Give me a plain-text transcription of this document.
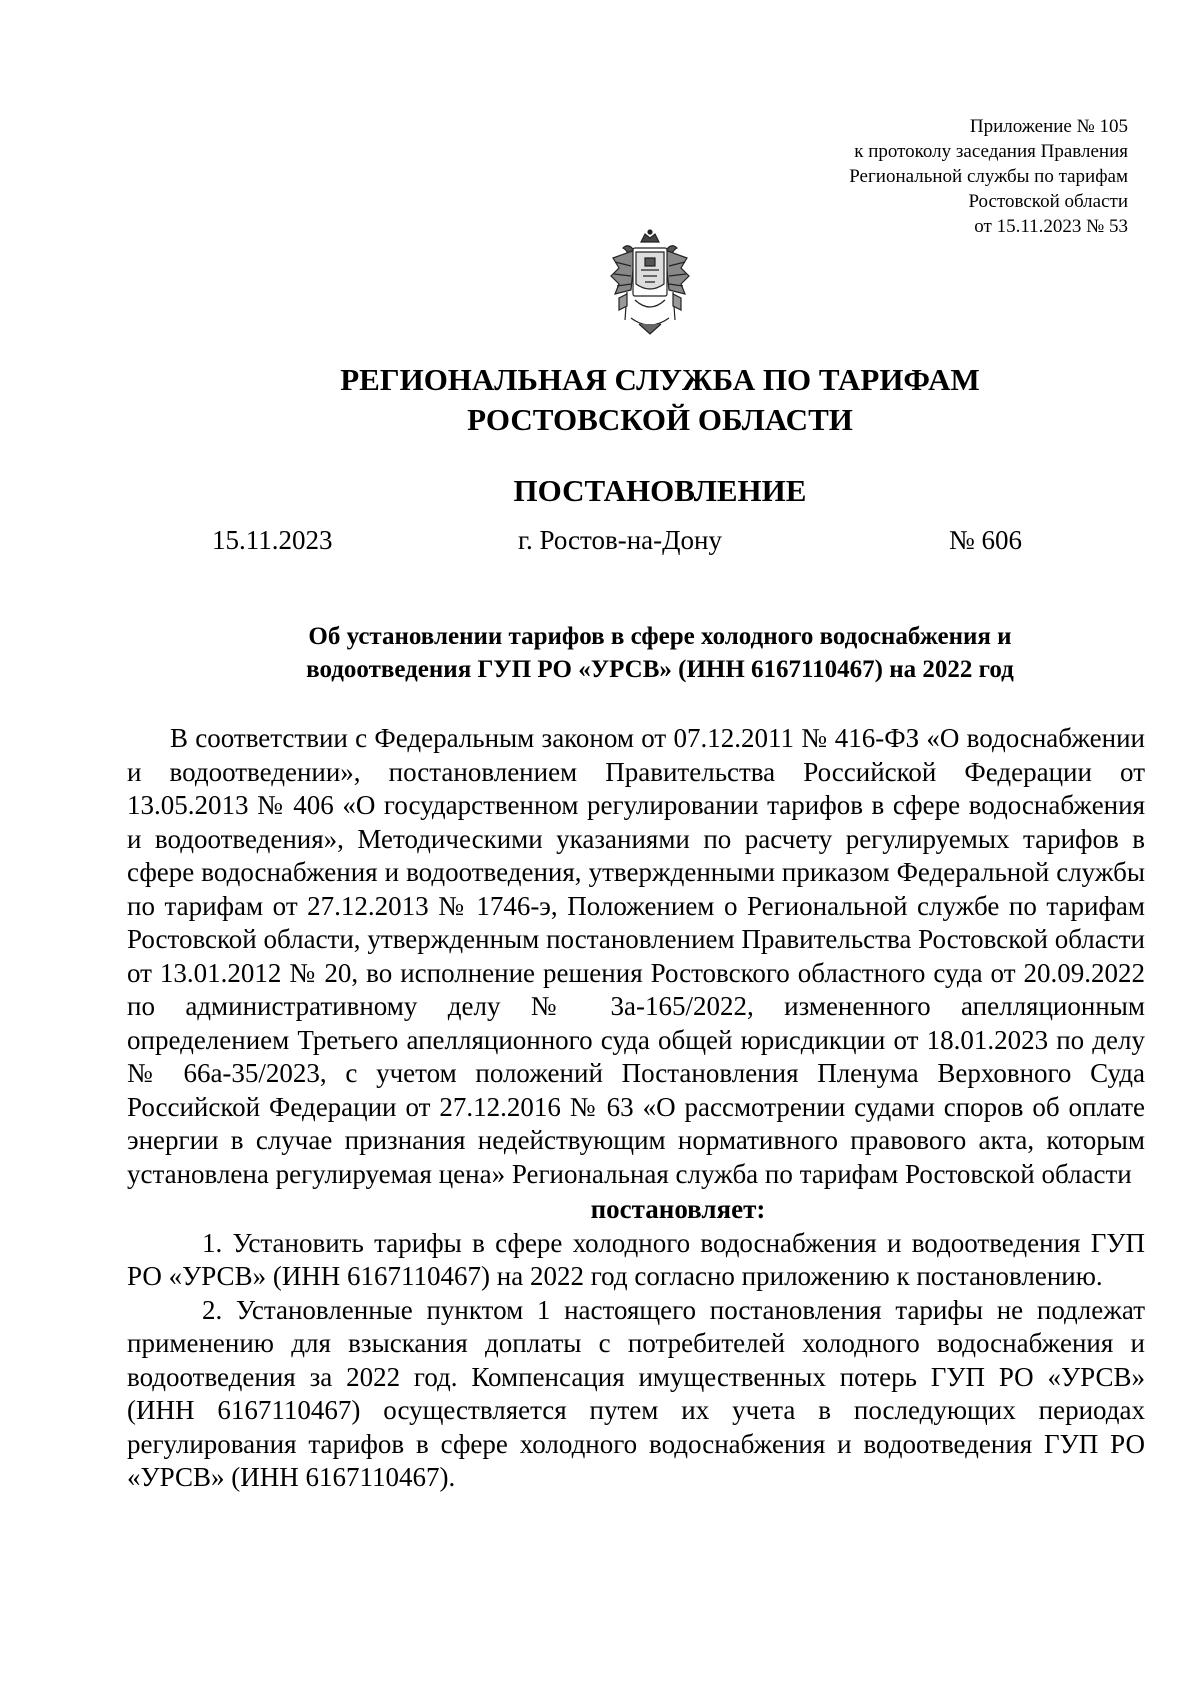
Приложение № 105
к протоколу заседания Правления
Региональной службы по тарифам
Ростовской области
от 15.11.2023 № 53
РЕГИОНАЛЬНАЯ СЛУЖБА ПО ТАРИФАМ
РОСТОВСКОЙ ОБЛАСТИ
ПОСТАНОВЛЕНИЕ
15.11.2023	г. Ростов-на-Дону	№ 606
Об установлении тарифов в сфере холодного водоснабжения и
водоотведения ГУП РО «УРСВ» (ИНН 6167110467) на 2022 год

В соответствии с Федеральным законом от 07.12.2011 № 416-ФЗ «О водоснабжении и водоотведении», постановлением Правительства Российской Федерации от 13.05.2013 № 406 «О государственном регулировании тарифов в сфере водоснабжения и водоотведения», Методическими указаниями по расчету регулируемых тарифов в сфере водоснабжения и водоотведения, утвержденными приказом Федеральной службы по тарифам от 27.12.2013 № 1746-э, Положением о Региональной службе по тарифам Ростовской области, утвержденным постановлением Правительства Ростовской области от 13.01.2012 № 20, во исполнение решения Ростовского областного суда от 20.09.2022 по административному делу № 3а-165/2022, измененного апелляционным определением Третьего апелляционного суда общей юрисдикции от 18.01.2023 по делу № 66а-35/2023, с учетом положений Постановления Пленума Верховного Суда Российской Федерации от 27.12.2016 № 63 «О рассмотрении судами споров об оплате энергии в случае признания недействующим нормативного правового акта, которым установлена регулируемая цена» Региональная служба по тарифам Ростовской области

постановляет:

1. Установить тарифы в сфере холодного водоснабжения и водоотведения ГУП РО «УРСВ» (ИНН 6167110467) на 2022 год согласно приложению к постановлению.

2. Установленные пунктом 1 настоящего постановления тарифы не подлежат применению для взыскания доплаты с потребителей холодного водоснабжения и водоотведения за 2022 год. Компенсация имущественных потерь ГУП РО «УРСВ» (ИНН 6167110467) осуществляется путем их учета в последующих периодах регулирования тарифов в сфере холодного водоснабжения и водоотведения ГУП РО «УРСВ» (ИНН 6167110467).
